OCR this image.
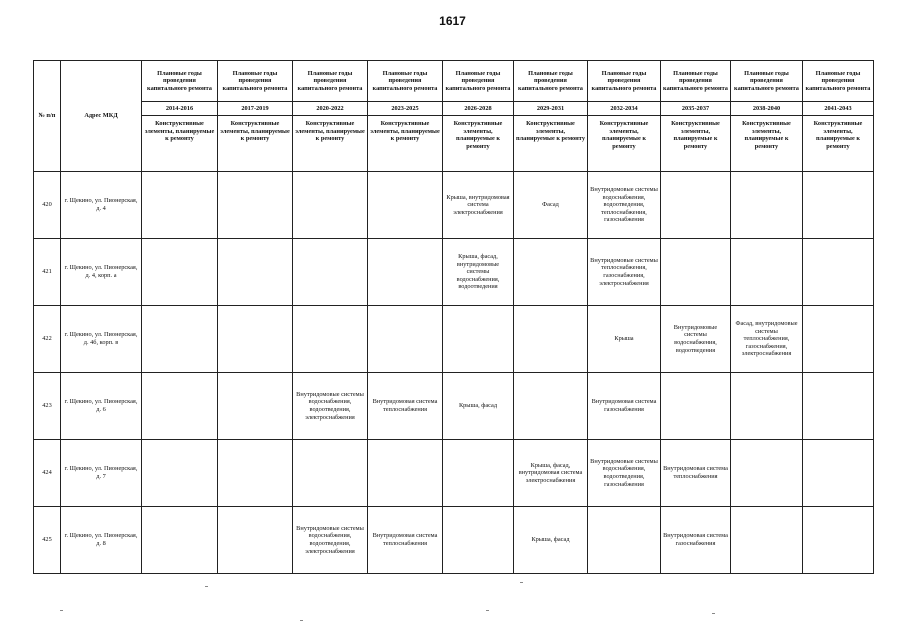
1617
№ п/п	Адрес МКД	Плановые годы проведения капитального ремонта	Плановые годы проведения капитального ремонта	Плановые годы проведения капитального ремонта	Плановые годы проведения капитального ремонта	Плановые годы проведения капитального ремонта	Плановые годы проведения капитального ремонта	Плановые годы проведения капитального ремонта	Плановые годы проведения капитального ремонта	Плановые годы проведения капитального ремонта	Плановые годы проведения капитального ремонта
		2014-2016	2017-2019	2020-2022	2023-2025	2026-2028	2029-2031	2032-2034	2035-2037	2038-2040	2041-2043
		Конструктивные элементы, планируемые к ремонту	Конструктивные элементы, планируемые к ремонту	Конструктивные элементы, планируемые к ремонту	Конструктивные элементы, планируемые к ремонту	Конструктивные элементы, планируемые к ремонту	Конструктивные элементы, планируемые к ремонту	Конструктивные элементы, планируемые к ремонту	Конструктивные элементы, планируемые к ремонту	Конструктивные элементы, планируемые к ремонту	Конструктивные элементы, планируемые к ремонту
420	г. Щекино, ул. Пионерская, д. 4					Крыша, внутридомовая система электроснабжения	Фасад	Внутридомовые системы водоснабжения, водоотведения, теплоснабжения, газоснабжения			
421	г. Щекино, ул. Пионерская, д. 4, корп. а					Крыша, фасад, внутридомовые системы водоснабжения, водоотведения		Внутридомовые системы теплоснабжения, газоснабжения, электроснабжения			
422	г. Щекино, ул. Пионерская, д. 4б, корп. в							Крыша	Внутридомовые системы водоснабжения, водоотведения	Фасад, внутридомовые системы теплоснабжения, газоснабжения, электроснабжения	
423	г. Щекино, ул. Пионерская, д. 6			Внутридомовые системы водоснабжения, водоотведения, электроснабжения	Внутридомовая система теплоснабжения	Крыша, фасад		Внутридомовая система газоснабжения			
424	г. Щекино, ул. Пионерская, д. 7						Крыша, фасад, внутридомовая система электроснабжения	Внутридомовые системы водоснабжения, водоотведения, газоснабжения	Внутридомовая система теплоснабжения		
425	г. Щекино, ул. Пионерская, д. 8			Внутридомовые системы водоснабжения, водоотведения, электроснабжения	Внутридомовая система теплоснабжения		Крыша, фасад		Внутридомовая система газоснабжения		
